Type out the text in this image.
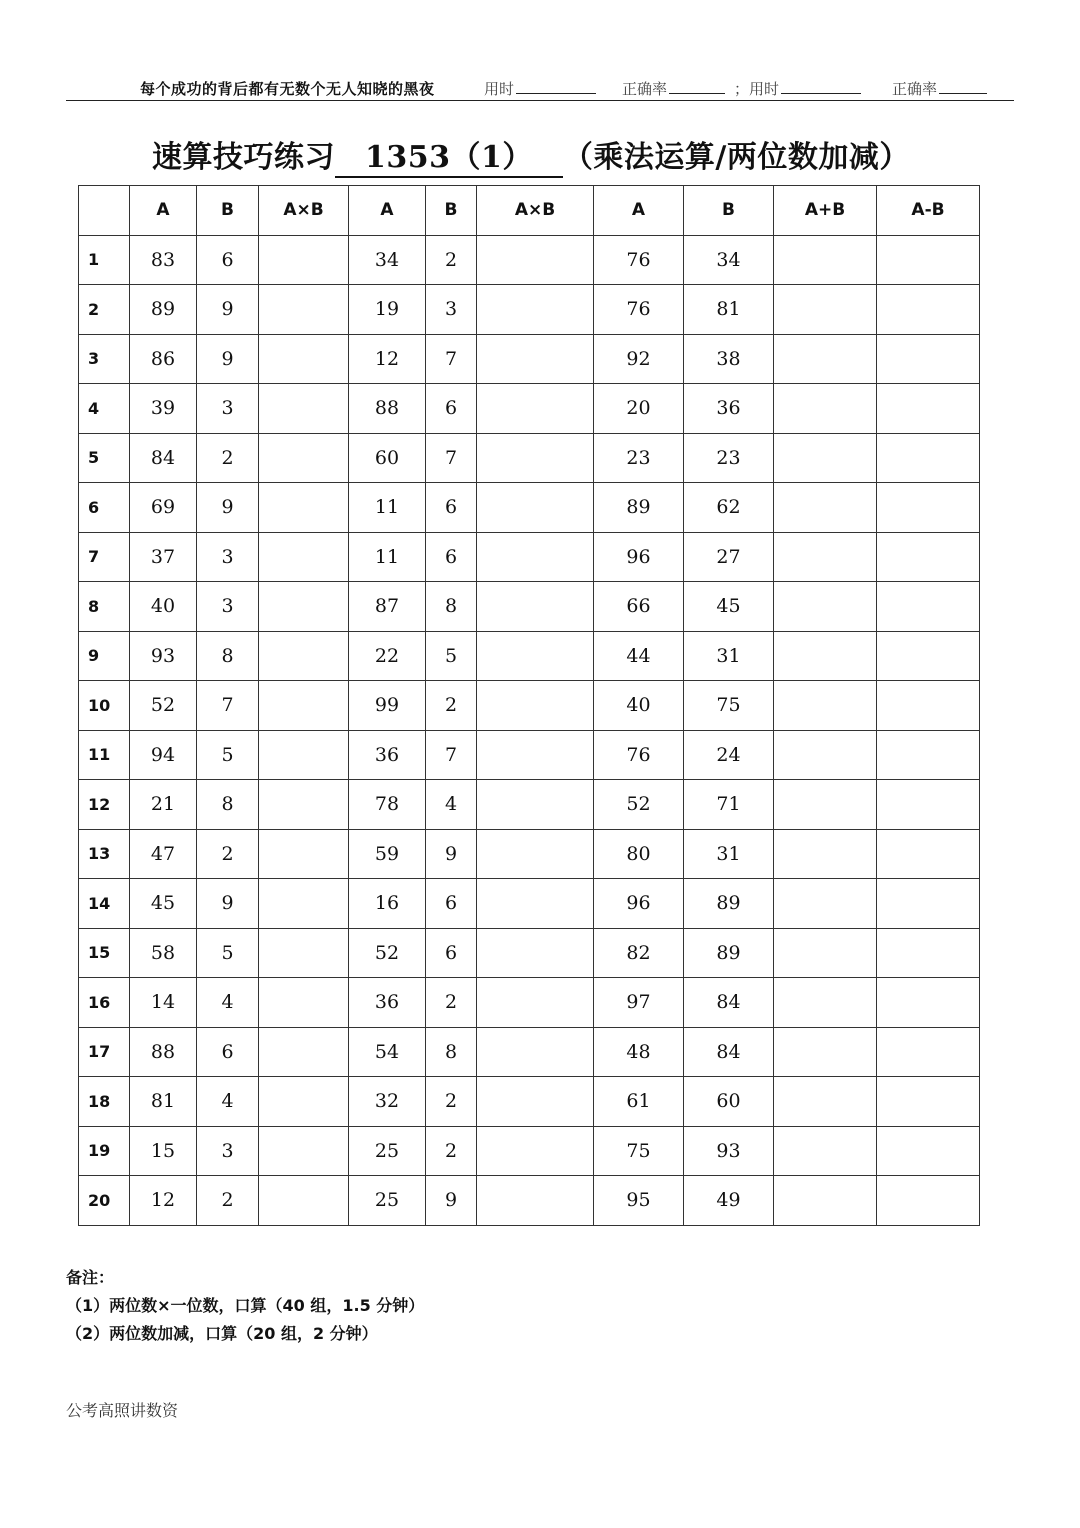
每个成功的背后都有无数个无人知晓的黑夜	用时	正确率	；用时	正确率
速算技巧练习 1353（1） （乘法运算/两位数加减）
	A	B	A×B	A	B	A×B	A	B	A+B	A-B
1	83	6		34	2		76	34		
2	89	9		19	3		76	81		
3	86	9		12	7		92	38		
4	39	3		88	6		20	36		
5	84	2		60	7		23	23		
6	69	9		11	6		89	62		
7	37	3		11	6		96	27		
8	40	3		87	8		66	45		
9	93	8		22	5		44	31		
10	52	7		99	2		40	75		
11	94	5		36	7		76	24		
12	21	8		78	4		52	71		
13	47	2		59	9		80	31		
14	45	9		16	6		96	89		
15	58	5		52	6		82	89		
16	14	4		36	2		97	84		
17	88	6		54	8		48	84		
18	81	4		32	2		61	60		
19	15	3		25	2		75	93		
20	12	2		25	9		95	49		
备注：
（1）两位数×一位数，口算（40 组，1.5 分钟）
（2）两位数加减，口算（20 组，2 分钟）
公考高照讲数资
